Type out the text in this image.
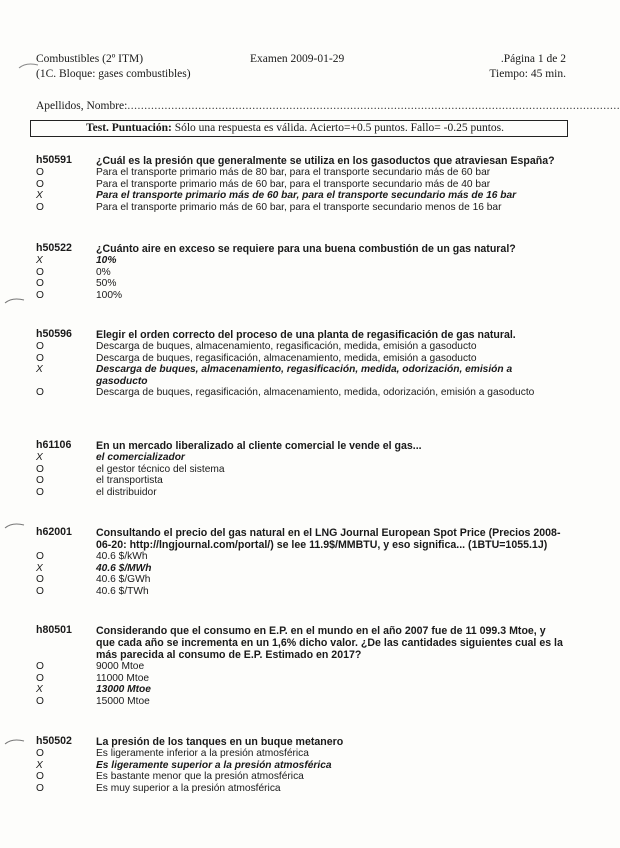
Combustibles (2º ITM)	Examen 2009-01-29	.Página 1 de 2
(1C. Bloque: gases combustibles)	Tiempo: 45 min.
Apellidos, Nombre:..................................................................................................................................................
Test. Puntuación: Sólo una respuesta es válida. Acierto=+0.5 puntos. Fallo= -0.25 puntos.
h50591	¿Cuál es la presión que generalmente se utiliza en los gasoductos que atraviesan España?
O	Para el transporte primario más de 80 bar, para el transporte secundario más de 60 bar
O	Para el transporte primario más de 60 bar, para el transporte secundario más de 40 bar
X	Para el transporte primario más de 60 bar, para el transporte secundario más de 16 bar
O	Para el transporte primario más de 60 bar, para el transporte secundario menos de 16 bar
h50522	¿Cuánto aire en exceso se requiere para una buena combustión de un gas natural?
X	10%
O	0%
O	50%
O	100%
h50596	Elegir el orden correcto del proceso de una planta de regasificación de gas natural.
O	Descarga de buques, almacenamiento, regasificación, medida, emisión a gasoducto
O	Descarga de buques, regasificación, almacenamiento, medida, emisión a gasoducto
X	Descarga de buques, almacenamiento, regasificación, medida, odorización, emisión a gasoducto
O	Descarga de buques, regasificación, almacenamiento, medida, odorización, emisión a gasoducto
h61106	En un mercado liberalizado al cliente comercial le vende el gas...
X	el comercializador
O	el gestor técnico del sistema
O	el transportista
O	el distribuidor
h62001	Consultando el precio del gas natural en el LNG Journal European Spot Price (Precios 2008-06-20: http://lngjournal.com/portal/) se lee 11.9$/MMBTU, y eso significa... (1BTU=1055.1J)
O	40.6 $/kWh
X	40.6 $/MWh
O	40.6 $/GWh
O	40.6 $/TWh
h80501	Considerando que el consumo en E.P. en el mundo en el año 2007 fue de 11 099.3 Mtoe, y que cada año se incrementa en un 1,6% dicho valor. ¿De las cantidades siguientes cual es la más parecida al consumo de E.P. Estimado en 2017?
O	9000 Mtoe
O	11000 Mtoe
X	13000 Mtoe
O	15000 Mtoe
h50502	La presión de los tanques en un buque metanero
O	Es ligeramente inferior a la presión atmosférica
X	Es ligeramente superior a la presión atmosférica
O	Es bastante menor que la presión atmosférica
O	Es muy superior a la presión atmosférica
